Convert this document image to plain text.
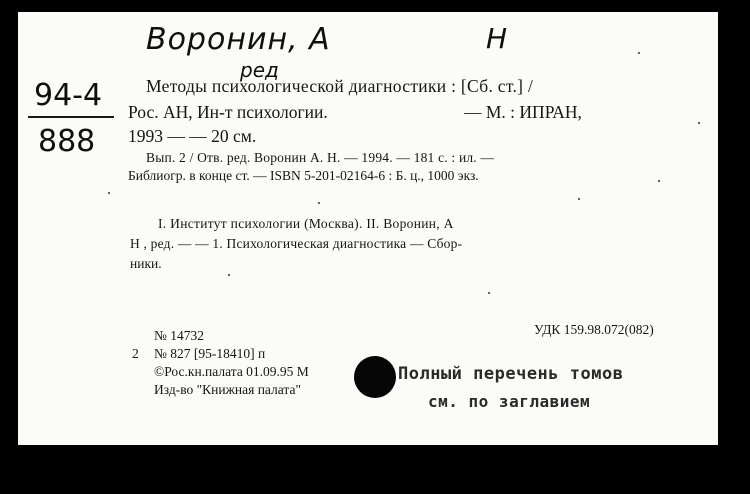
Воронин, А	Н
ред
94-4
888
Методы психологической диагностики : [Сб. ст.] /
Рос. АН, Ин-т психологии.	— М. : ИПРАН,
1993 — — 20 см.
Вып. 2 / Отв. ред. Воронин А. Н. — 1994. — 181 с. : ил. —
Библиогр. в конце ст. — ISBN 5-201-02164-6 : Б. ц., 1000 экз.
I. Институт психологии (Москва). II. Воронин, А
Н , ред. — — 1. Психологическая диагностика — Сбор-
ники.
№ 14732	УДК 159.98.072(082)
2 № 827 [95-18410] п
©Рос.кн.палата 01.09.95 М
Изд-во "Книжная палата"
Полный перечень томов
см. по заглавием
